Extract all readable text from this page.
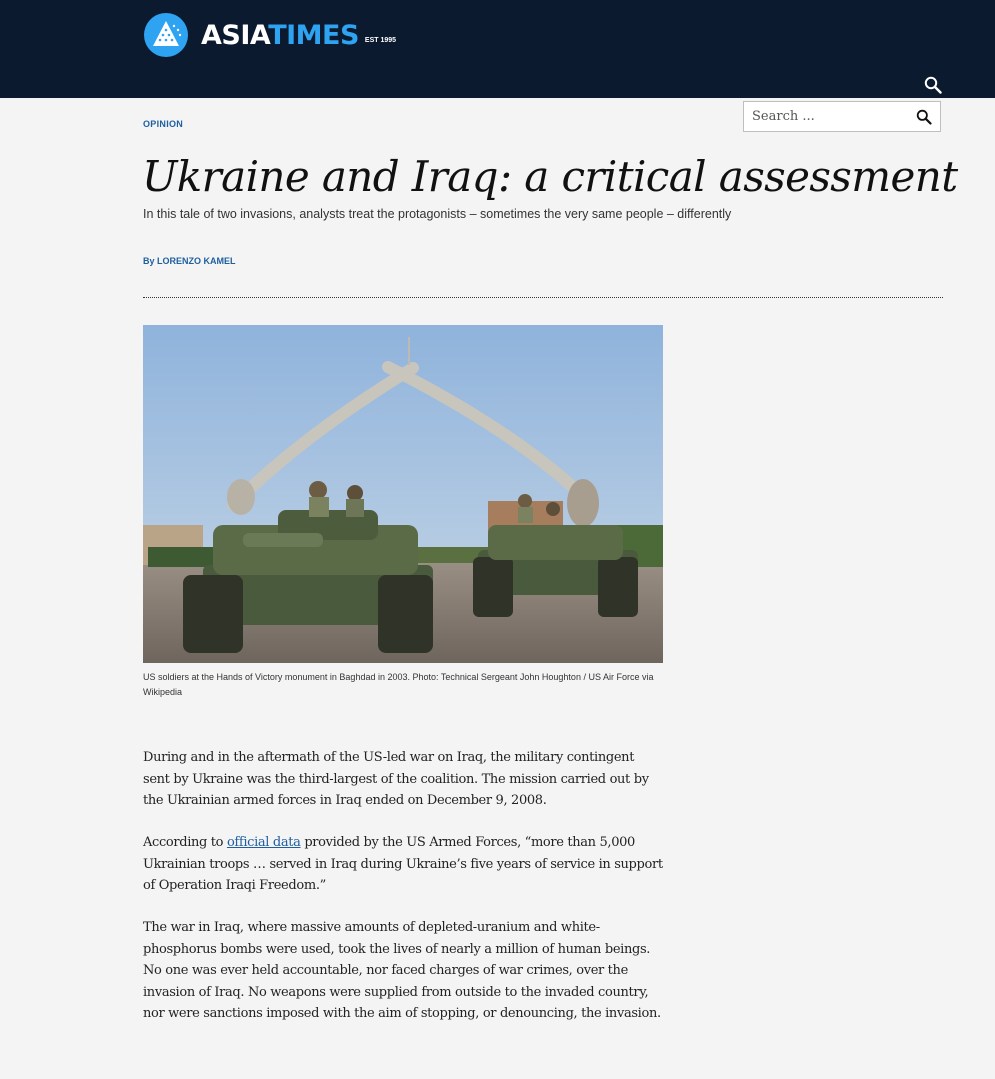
ASIATIMES EST 1995
Search ...
OPINION
Ukraine and Iraq: a critical assessment
In this tale of two invasions, analysts treat the protagonists – sometimes the very same people – differently
By LORENZO KAMEL
US soldiers at the Hands of Victory monument in Baghdad in 2003. Photo: Technical Sergeant John Houghton / US Air Force via Wikipedia

During and in the aftermath of the US-led war on Iraq, the military contingent sent by Ukraine was the third-largest of the coalition. The mission carried out by the Ukrainian armed forces in Iraq ended on December 9, 2008.

According to official data provided by the US Armed Forces, “more than 5,000 Ukrainian troops … served in Iraq during Ukraine’s five years of service in support of Operation Iraqi Freedom.”

The war in Iraq, where massive amounts of depleted-uranium and white-phosphorus bombs were used, took the lives of nearly a million of human beings. No one was ever held accountable, nor faced charges of war crimes, over the invasion of Iraq. No weapons were supplied from outside to the invaded country, nor were sanctions imposed with the aim of stopping, or denouncing, the invasion.
